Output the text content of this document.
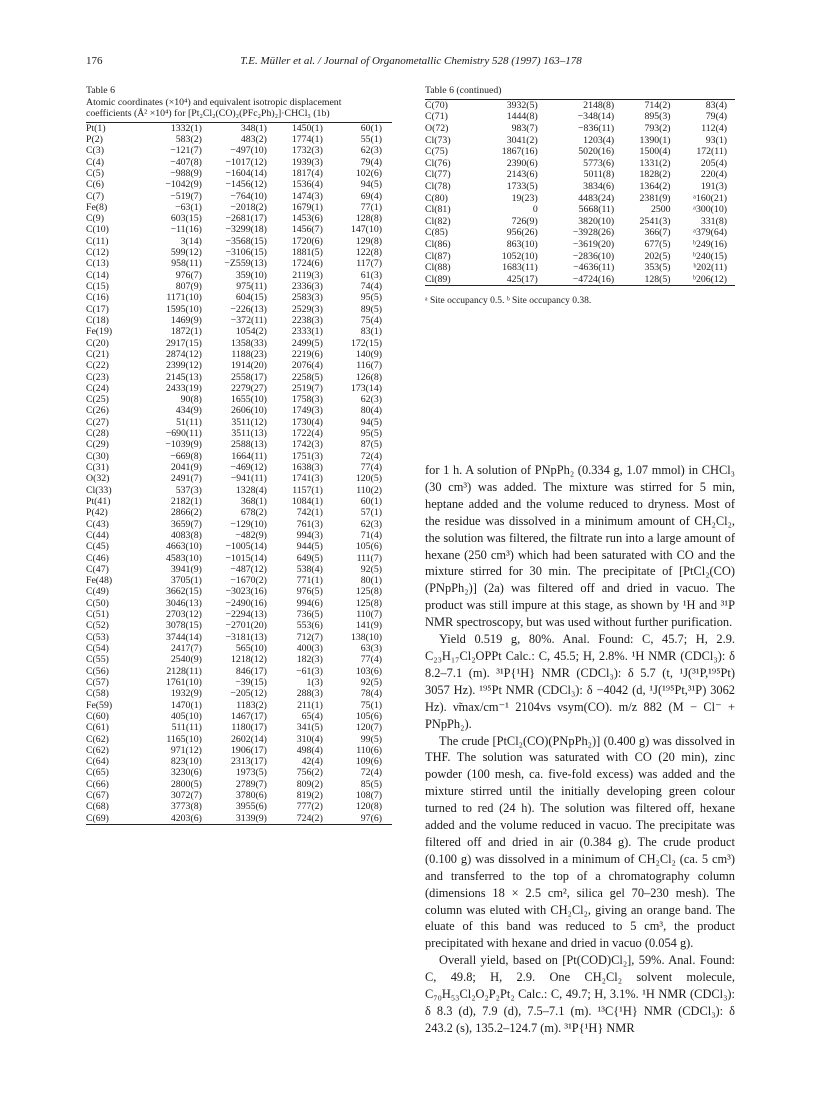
176	T.E. Müller et al. / Journal of Organometallic Chemistry 528 (1997) 163–178
Table 6
Atomic coordinates (×10⁴) and equivalent isotropic displacement
coefficients (Å² ×10⁴) for [Pt₂Cl₂(CO)₂(PFc₂Ph)₂]·CHCl₃ (1b)
Pt(1)	1332(1)	348(1)	1450(1)	60(1)
P(2)	583(2)	483(2)	1774(1)	55(1)
C(3)	−121(7)	−497(10)	1732(3)	62(3)
C(4)	−407(8)	−1017(12)	1939(3)	79(4)
C(5)	−988(9)	−1604(14)	1817(4)	102(6)
C(6)	−1042(9)	−1456(12)	1536(4)	94(5)
C(7)	−519(7)	−764(10)	1474(3)	69(4)
Fe(8)	−63(1)	−2018(2)	1679(1)	77(1)
C(9)	603(15)	−2681(17)	1453(6)	128(8)
C(10)	−11(16)	−3299(18)	1456(7)	147(10)
C(11)	3(14)	−3568(15)	1720(6)	129(8)
C(12)	599(12)	−3106(15)	1881(5)	122(8)
C(13)	958(11)	−Z559(13)	1724(6)	117(7)
C(14)	976(7)	359(10)	2119(3)	61(3)
C(15)	807(9)	975(11)	2336(3)	74(4)
C(16)	1171(10)	604(15)	2583(3)	95(5)
C(17)	1595(10)	−226(13)	2529(3)	89(5)
C(18)	1469(9)	−372(11)	2238(3)	75(4)
Fe(19)	1872(1)	1054(2)	2333(1)	83(1)
C(20)	2917(15)	1358(33)	2499(5)	172(15)
C(21)	2874(12)	1188(23)	2219(6)	140(9)
C(22)	2399(12)	1914(20)	2076(4)	116(7)
C(23)	2145(13)	2558(17)	2258(5)	126(8)
C(24)	2433(19)	2279(27)	2519(7)	173(14)
C(25)	90(8)	1655(10)	1758(3)	62(3)
C(26)	434(9)	2606(10)	1749(3)	80(4)
C(27)	51(11)	3511(12)	1730(4)	94(5)
C(28)	−690(11)	3511(13)	1722(4)	95(5)
C(29)	−1039(9)	2588(13)	1742(3)	87(5)
C(30)	−669(8)	1664(11)	1751(3)	72(4)
C(31)	2041(9)	−469(12)	1638(3)	77(4)
O(32)	2491(7)	−941(11)	1741(3)	120(5)
Cl(33)	537(3)	1328(4)	1157(1)	110(2)
Pt(41)	2182(1)	368(1)	1084(1)	60(1)
P(42)	2866(2)	678(2)	742(1)	57(1)
C(43)	3659(7)	−129(10)	761(3)	62(3)
C(44)	4083(8)	−482(9)	994(3)	71(4)
C(45)	4663(10)	−1005(14)	944(5)	105(6)
C(46)	4583(10)	−1015(14)	649(5)	111(7)
C(47)	3941(9)	−487(12)	538(4)	92(5)
Fe(48)	3705(1)	−1670(2)	771(1)	80(1)
C(49)	3662(15)	−3023(16)	976(5)	125(8)
C(50)	3046(13)	−2490(16)	994(6)	125(8)
C(51)	2703(12)	−2294(13)	736(5)	110(7)
C(52)	3078(15)	−2701(20)	553(6)	141(9)
C(53)	3744(14)	−3181(13)	712(7)	138(10)
C(54)	2417(7)	565(10)	400(3)	63(3)
C(55)	2540(9)	1218(12)	182(3)	77(4)
C(56)	2128(11)	846(17)	−61(3)	103(6)
C(57)	1761(10)	−39(15)	1(3)	92(5)
C(58)	1932(9)	−205(12)	288(3)	78(4)
Fe(59)	1470(1)	1183(2)	211(1)	75(1)
C(60)	405(10)	1467(17)	65(4)	105(6)
C(61)	511(11)	1180(17)	341(5)	120(7)
C(62)	1165(10)	2602(14)	310(4)	99(5)
C(62)	971(12)	1906(17)	498(4)	110(6)
C(64)	823(10)	2313(17)	42(4)	109(6)
C(65)	3230(6)	1973(5)	756(2)	72(4)
C(66)	2800(5)	2789(7)	809(2)	85(5)
C(67)	3072(7)	3780(6)	819(2)	108(7)
C(68)	3773(8)	3955(6)	777(2)	120(8)
C(69)	4203(6)	3139(9)	724(2)	97(6)
Table 6 (continued)
C(70)	3932(5)	2148(8)	714(2)	83(4)
C(71)	1444(8)	−348(14)	895(3)	79(4)
O(72)	983(7)	−836(11)	793(2)	112(4)
Cl(73)	3041(2)	1203(4)	1390(1)	93(1)
C(75)	1867(16)	5020(16)	1500(4)	172(11)
Cl(76)	2390(6)	5773(6)	1331(2)	205(4)
Cl(77)	2143(6)	5011(8)	1828(2)	220(4)
Cl(78)	1733(5)	3834(6)	1364(2)	191(3)
C(80)	19(23)	4483(24)	2381(9)	ᵃ160(21)
Cl(81)	0	5668(11)	2500	ᵃ300(10)
Cl(82)	726(9)	3820(10)	2541(3)	331(8)
C(85)	956(26)	−3928(26)	366(7)	ᵃ379(64)
Cl(86)	863(10)	−3619(20)	677(5)	ᵇ249(16)
Cl(87)	1052(10)	−2836(10)	202(5)	ᵇ240(15)
Cl(88)	1683(11)	−4636(11)	353(5)	ᵇ202(11)
Cl(89)	425(17)	−4724(16)	128(5)	ᵇ206(12)
ᵃ Site occupancy 0.5. ᵇ Site occupancy 0.38.

for 1 h. A solution of PNpPh₂ (0.334 g, 1.07 mmol) in CHCl₃ (30 cm³) was added. The mixture was stirred for 5 min, heptane added and the volume reduced to dryness. Most of the residue was dissolved in a minimum amount of CH₂Cl₂, the solution was filtered, the filtrate run into a large amount of hexane (250 cm³) which had been saturated with CO and the mixture stirred for 30 min. The precipitate of [PtCl₂(CO)(PNpPh₂)] (2a) was filtered off and dried in vacuo. The product was still impure at this stage, as shown by ¹H and ³¹P NMR spectroscopy, but was used without further purification.

Yield 0.519 g, 80%. Anal. Found: C, 45.7; H, 2.9. C₂₃H₁₇Cl₂OPPt Calc.: C, 45.5; H, 2.8%. ¹H NMR (CDCl₃): δ 8.2–7.1 (m). ³¹P{¹H} NMR (CDCl₃): δ 5.7 (t, ¹J(³¹P,¹⁹⁵Pt) 3057 Hz). ¹⁹⁵Pt NMR (CDCl₃): δ −4042 (d, ¹J(¹⁹⁵Pt,³¹P) 3062 Hz). ν̃max/cm⁻¹ 2104vs νsym(CO). m/z 882 (M − Cl⁻ + PNpPh₂).

The crude [PtCl₂(CO)(PNpPh₂)] (0.400 g) was dissolved in THF. The solution was saturated with CO (20 min), zinc powder (100 mesh, ca. five-fold excess) was added and the mixture stirred until the initially developing green colour turned to red (24 h). The solution was filtered off, hexane added and the volume reduced in vacuo. The precipitate was filtered off and dried in air (0.384 g). The crude product (0.100 g) was dissolved in a minimum of CH₂Cl₂ (ca. 5 cm³) and transferred to the top of a chromatography column (dimensions 18 × 2.5 cm², silica gel 70–230 mesh). The column was eluted with CH₂Cl₂, giving an orange band. The eluate of this band was reduced to 5 cm³, the product precipitated with hexane and dried in vacuo (0.054 g).

Overall yield, based on [Pt(COD)Cl₂], 59%. Anal. Found: C, 49.8; H, 2.9. One CH₂Cl₂ solvent molecule, C₇₀H₅₃Cl₂O₂P₂Pt₂ Calc.: C, 49.7; H, 3.1%. ¹H NMR (CDCl₃): δ 8.3 (d), 7.9 (d), 7.5–7.1 (m). ¹³C{¹H} NMR (CDCl₃): δ 243.2 (s), 135.2–124.7 (m). ³¹P{¹H} NMR
